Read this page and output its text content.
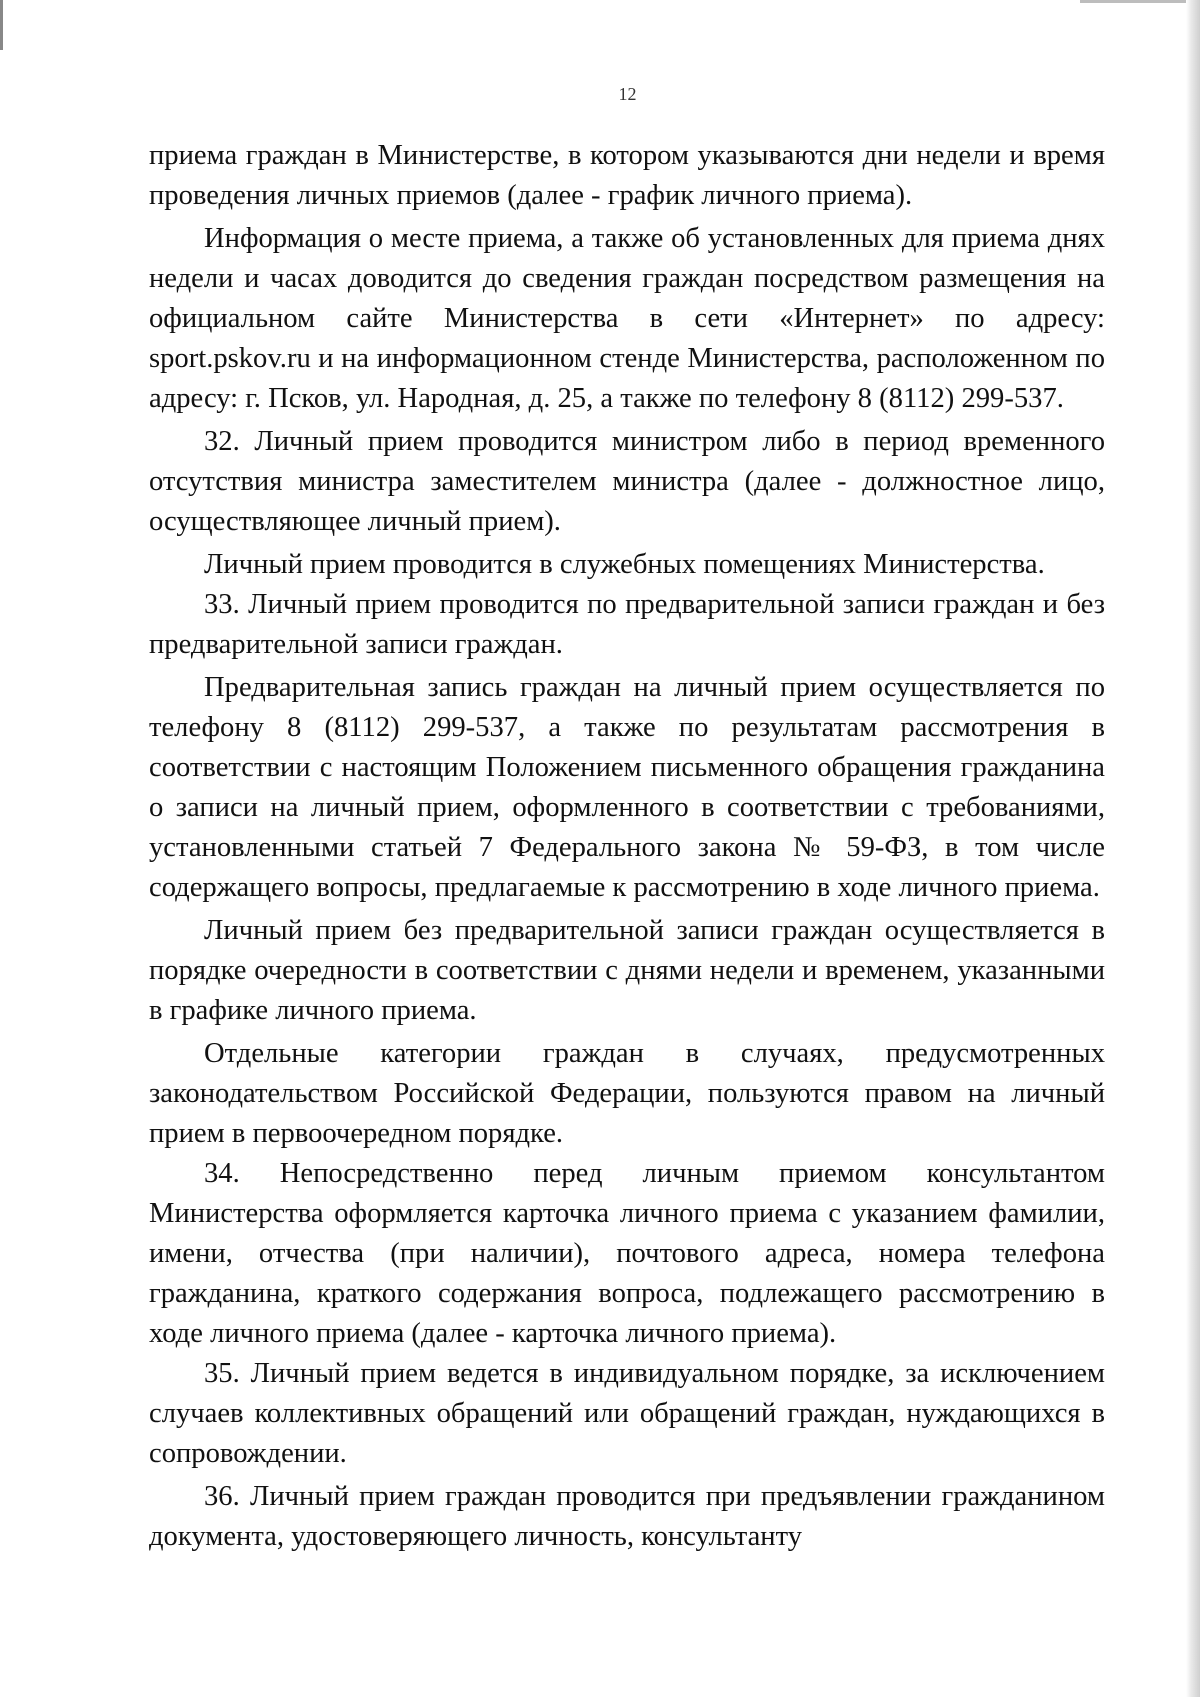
12

приема граждан в Министерстве, в котором указываются дни недели и время проведения личных приемов (далее - график личного приема).

Информация о месте приема, а также об установленных для приема днях недели и часах доводится до сведения граждан посредством размещения на официальном сайте Министерства в сети «Интернет» по адресу: sport.pskov.ru и на информационном стенде Министерства, расположенном по адресу: г. Псков, ул. Народная, д. 25, а также по телефону 8 (8112) 299-537.

32. Личный прием проводится министром либо в период временного отсутствия министра заместителем министра (далее - должностное лицо, осуществляющее личный прием).

Личный прием проводится в служебных помещениях Министерства.

33. Личный прием проводится по предварительной записи граждан и без предварительной записи граждан.

Предварительная запись граждан на личный прием осуществляется по телефону 8 (8112) 299-537, а также по результатам рассмотрения в соответствии с настоящим Положением письменного обращения гражданина о записи на личный прием, оформленного в соответствии с требованиями, установленными статьей 7 Федерального закона № 59-ФЗ, в том числе содержащего вопросы, предлагаемые к рассмотрению в ходе личного приема.

Личный прием без предварительной записи граждан осуществляется в порядке очередности в соответствии с днями недели и временем, указанными в графике личного приема.

Отдельные категории граждан в случаях, предусмотренных законодательством Российской Федерации, пользуются правом на личный прием в первоочередном порядке.

34. Непосредственно перед личным приемом консультантом Министерства оформляется карточка личного приема с указанием фамилии, имени, отчества (при наличии), почтового адреса, номера телефона гражданина, краткого содержания вопроса, подлежащего рассмотрению в ходе личного приема (далее - карточка личного приема).

35. Личный прием ведется в индивидуальном порядке, за исключением случаев коллективных обращений или обращений граждан, нуждающихся в сопровождении.

36. Личный прием граждан проводится при предъявлении гражданином документа, удостоверяющего личность, консультанту
